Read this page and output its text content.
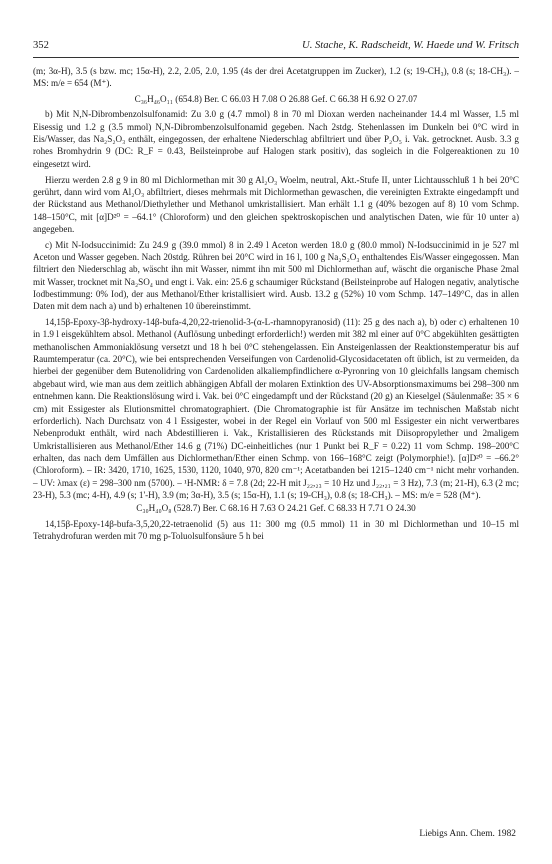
352	U. Stache, K. Radscheidt, W. Haede und W. Fritsch

(m; 3α-H), 3.5 (s bzw. mc; 15α-H), 2.2, 2.05, 2.0, 1.95 (4s der drei Acetatgruppen im Zucker), 1.2 (s; 19-CH₃), 0.8 (s; 18-CH₃). – MS: m/e = 654 (M⁺).

C₃₆H₄₆O₁₁ (654.8) Ber. C 66.03 H 7.08 O 26.88 Gef. C 66.38 H 6.92 O 27.07

b) Mit N,N-Dibrombenzolsulfonamid: Zu 3.0 g (4.7 mmol) 8 in 70 ml Dioxan werden nacheinander 14.4 ml Wasser, 1.5 ml Eisessig und 1.2 g (3.5 mmol) N,N-Dibrombenzolsulfonamid gegeben. Nach 2stdg. Stehenlassen im Dunkeln bei 0°C wird in Eis/Wasser, das Na₂S₂O₃ enthält, eingegossen, der erhaltene Niederschlag abfiltriert und über P₂O₅ i. Vak. getrocknet. Ausb. 3.3 g rohes Bromhydrin 9 (DC: R_F = 0.43, Beilsteinprobe auf Halogen stark positiv), das sogleich in die Folgereaktionen zu 10 eingesetzt wird.

Hierzu werden 2.8 g 9 in 80 ml Dichlormethan mit 30 g Al₂O₃ Woelm, neutral, Akt.-Stufe II, unter Lichtausschluß 1 h bei 20°C gerührt, dann wird vom Al₂O₃ abfiltriert, dieses mehrmals mit Dichlormethan gewaschen, die vereinigten Extrakte eingedampft und der Rückstand aus Methanol/Diethylether und Methanol umkristallisiert. Man erhält 1.1 g (40% bezogen auf 8) 10 vom Schmp. 148–150°C, mit [α]D²⁰ = –64.1° (Chloroform) und den gleichen spektroskopischen und analytischen Daten, wie für 10 unter a) angegeben.

c) Mit N-Iodsuccinimid: Zu 24.9 g (39.0 mmol) 8 in 2.49 l Aceton werden 18.0 g (80.0 mmol) N-Iodsuccinimid in je 527 ml Aceton und Wasser gegeben. Nach 20stdg. Rühren bei 20°C wird in 16 l, 100 g Na₂S₂O₃ enthaltendes Eis/Wasser eingegossen. Man filtriert den Niederschlag ab, wäscht ihn mit Wasser, nimmt ihn mit 500 ml Dichlormethan auf, wäscht die organische Phase 2mal mit Wasser, trocknet mit Na₂SO₄ und engt i. Vak. ein: 25.6 g schaumiger Rückstand (Beilsteinprobe auf Halogen negativ, analytische Iodbestimmung: 0% Iod), der aus Methanol/Ether kristallisiert wird. Ausb. 13.2 g (52%) 10 vom Schmp. 147–149°C, das in allen Daten mit dem nach a) und b) erhaltenen 10 übereinstimmt.

14,15β-Epoxy-3β-hydroxy-14β-bufa-4,20,22-trienolid-3-(α-L-rhamnopyranosid) (11): 25 g des nach a), b) oder c) erhaltenen 10 in 1.9 l eisgekühltem absol. Methanol (Auflösung unbedingt erforderlich!) werden mit 382 ml einer auf 0°C abgekühlten gesättigten methanolischen Ammoniaklösung versetzt und 18 h bei 0°C stehengelassen. Ein Ansteigenlassen der Reaktionstemperatur bis auf Raumtemperatur (ca. 20°C), wie bei entsprechenden Verseifungen von Cardenolid-Glycosidacetaten oft üblich, ist zu vermeiden, da hierbei der gegenüber dem Butenolidring von Cardenoliden alkaliempfindlichere α-Pyronring von 10 gleichfalls langsam chemisch abgebaut wird, wie man aus dem zeitlich abhängigen Abfall der molaren Extinktion des UV-Absorptionsmaximums bei 298–300 nm entnehmen kann. Die Reaktionslösung wird i. Vak. bei 0°C eingedampft und der Rückstand (20 g) an Kieselgel (Säulenmaße: 35 × 6 cm) mit Essigester als Elutionsmittel chromatographiert. (Die Chromatographie ist für Ansätze im technischen Maßstab nicht erforderlich). Nach Durchsatz von 4 l Essigester, wobei in der Regel ein Vorlauf von 500 ml Essigester ein nicht verwertbares Nebenprodukt enthält, wird nach Abdestillieren i. Vak., Kristallisieren des Rückstands mit Diisopropylether und 2maligem Umkristallisieren aus Methanol/Ether 14.6 g (71%) DC-einheitliches (nur 1 Punkt bei R_F = 0.22) 11 vom Schmp. 198–200°C erhalten, das nach dem Umfällen aus Dichlormethan/Ether einen Schmp. von 166–168°C zeigt (Polymorphie!). [α]D²⁰ = –66.2° (Chloroform). – IR: 3420, 1710, 1625, 1530, 1120, 1040, 970, 820 cm⁻¹; Acetatbanden bei 1215–1240 cm⁻¹ nicht mehr vorhanden. – UV: λmax (ε) = 298–300 nm (5700). – ¹H-NMR: δ = 7.8 (2d; 22-H mit J₂₂,₂₃ = 10 Hz und J₂₂,₂₁ = 3 Hz), 7.3 (m; 21-H), 6.3 (2 mc; 23-H), 5.3 (mc; 4-H), 4.9 (s; 1'-H), 3.9 (m; 3α-H), 3.5 (s; 15α-H), 1.1 (s; 19-CH₃), 0.8 (s; 18-CH₃). – MS: m/e = 528 (M⁺).

C₃₀H₄₀O₈ (528.7) Ber. C 68.16 H 7.63 O 24.21 Gef. C 68.33 H 7.71 O 24.30

14,15β-Epoxy-14β-bufa-3,5,20,22-tetraenolid (5) aus 11: 300 mg (0.5 mmol) 11 in 30 ml Dichlormethan und 10–15 ml Tetrahydrofuran werden mit 70 mg p-Toluolsulfonsäure 5 h bei

Liebigs Ann. Chem. 1982
